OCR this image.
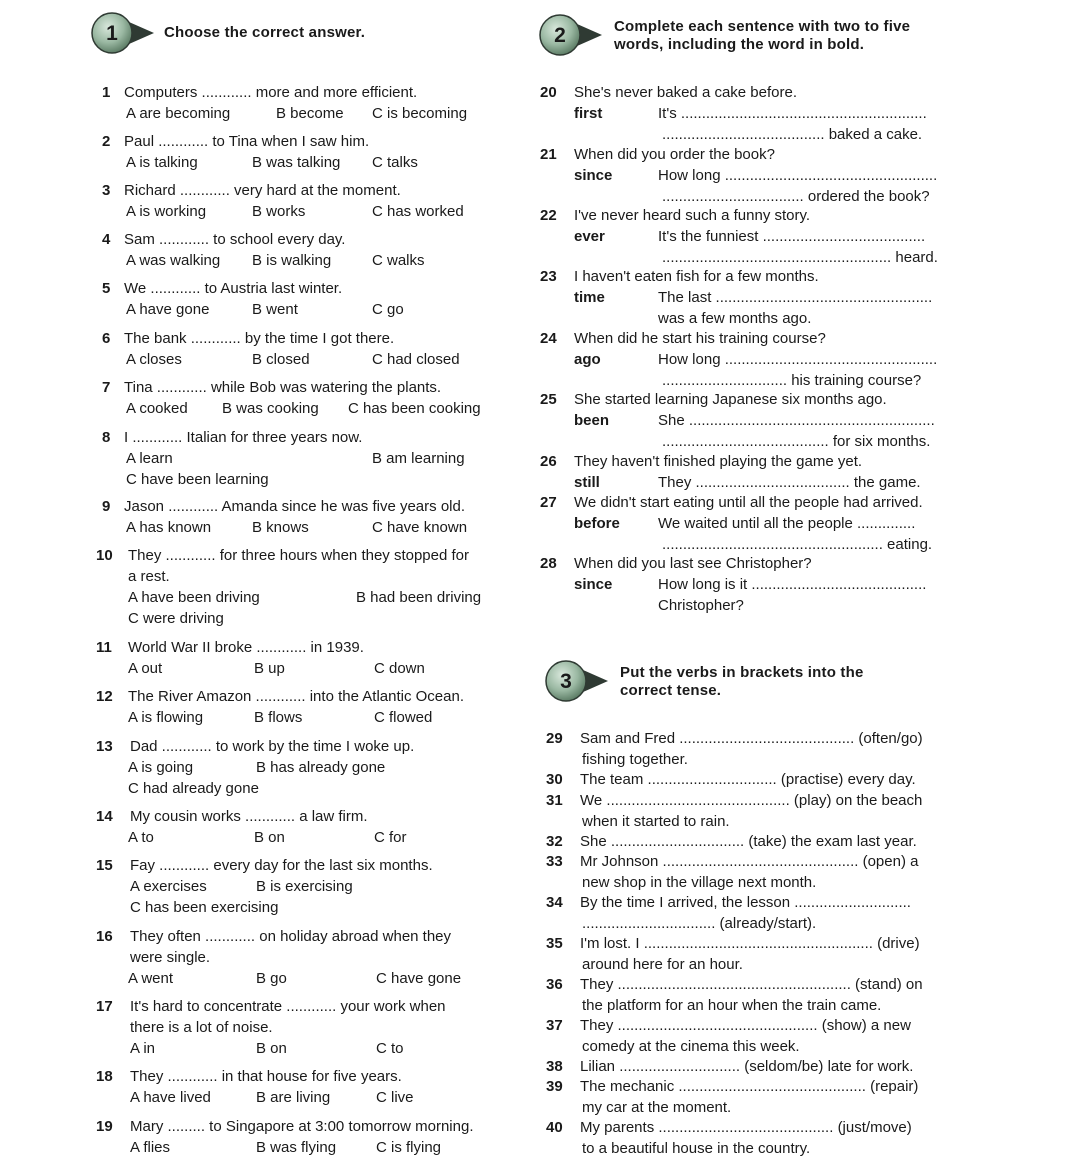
1	Choose the correct answer.
1 Computers ............ more and more efficient.
A are becoming	B become C is becoming
2 Paul ............ to Tina when I saw him.
A is talking	B was talking C talks
3 Richard ............ very hard at the moment.
A is working	B works	C has worked
4 Sam ............ to school every day.
A was walking B is walking	C walks
5 We ............ to Austria last winter.
A have gone	B went	C go
6 The bank ............ by the time I got there.
A closes	B closed	C had closed
7 Tina ............ while Bob was watering the plants.
A cooked B was cooking C has been cooking
8 I ............ Italian for three years now.
A learn	B am learning
C have been learning
9 Jason ............ Amanda since he was five years old.
A has known	B knows	C have known
10 They ............ for three hours when they stopped for
a rest.
A have been driving	B had been driving
C were driving
11 World War II broke ............ in 1939.
A out	B up	C down
12 The River Amazon ............ into the Atlantic Ocean.
A is flowing	B flows	C flowed
13 Dad ............ to work by the time I woke up.
A is going	B has already gone
C had already gone
14 My cousin works ............ a law firm.
A to	B on	C for
15 Fay ............ every day for the last six months.
A exercises	B is exercising
C has been exercising
16 They often ............ on holiday abroad when they
were single.
A went	B go	C have gone
17 It's hard to concentrate ............ your work when
there is a lot of noise.
A in	B on	C to
18 They ............ in that house for five years.
A have lived	B are living	C live
19 Mary ......... to Singapore at 3:00 tomorrow morning.
A flies	B was flying	C is flying
2	Complete each sentence with two to five
words, including the word in bold.
20 She's never baked a cake before.
first	It's ...........................................................
....................................... baked a cake.
21 When did you order the book?
since	How long ...................................................
.................................. ordered the book?
22 I've never heard such a funny story.
ever	It's the funniest .......................................
....................................................... heard.
23 I haven't eaten fish for a few months.
time	The last ....................................................
was a few months ago.
24 When did he start his training course?
ago	How long ...................................................
.............................. his training course?
25 She started learning Japanese six months ago.
been	She ...........................................................
........................................ for six months.
26 They haven't finished playing the game yet.
still	They ..................................... the game.
27 We didn't start eating until all the people had arrived.
before	We waited until all the people ..............
..................................................... eating.
28 When did you last see Christopher?
since	How long is it ..........................................
Christopher?
3	Put the verbs in brackets into the
correct tense.
29 Sam and Fred .......................................... (often/go)
fishing together.
30 The team ............................... (practise) every day.
31 We ............................................ (play) on the beach
when it started to rain.
32 She ................................ (take) the exam last year.
33 Mr Johnson ............................................... (open) a
new shop in the village next month.
34 By the time I arrived, the lesson ............................
................................ (already/start).
35 I'm lost. I ....................................................... (drive)
around here for an hour.
36 They ........................................................ (stand) on
the platform for an hour when the train came.
37 They ................................................ (show) a new
comedy at the cinema this week.
38 Lilian ............................. (seldom/be) late for work.
39 The mechanic ............................................. (repair)
my car at the moment.
40 My parents .......................................... (just/move)
to a beautiful house in the country.
